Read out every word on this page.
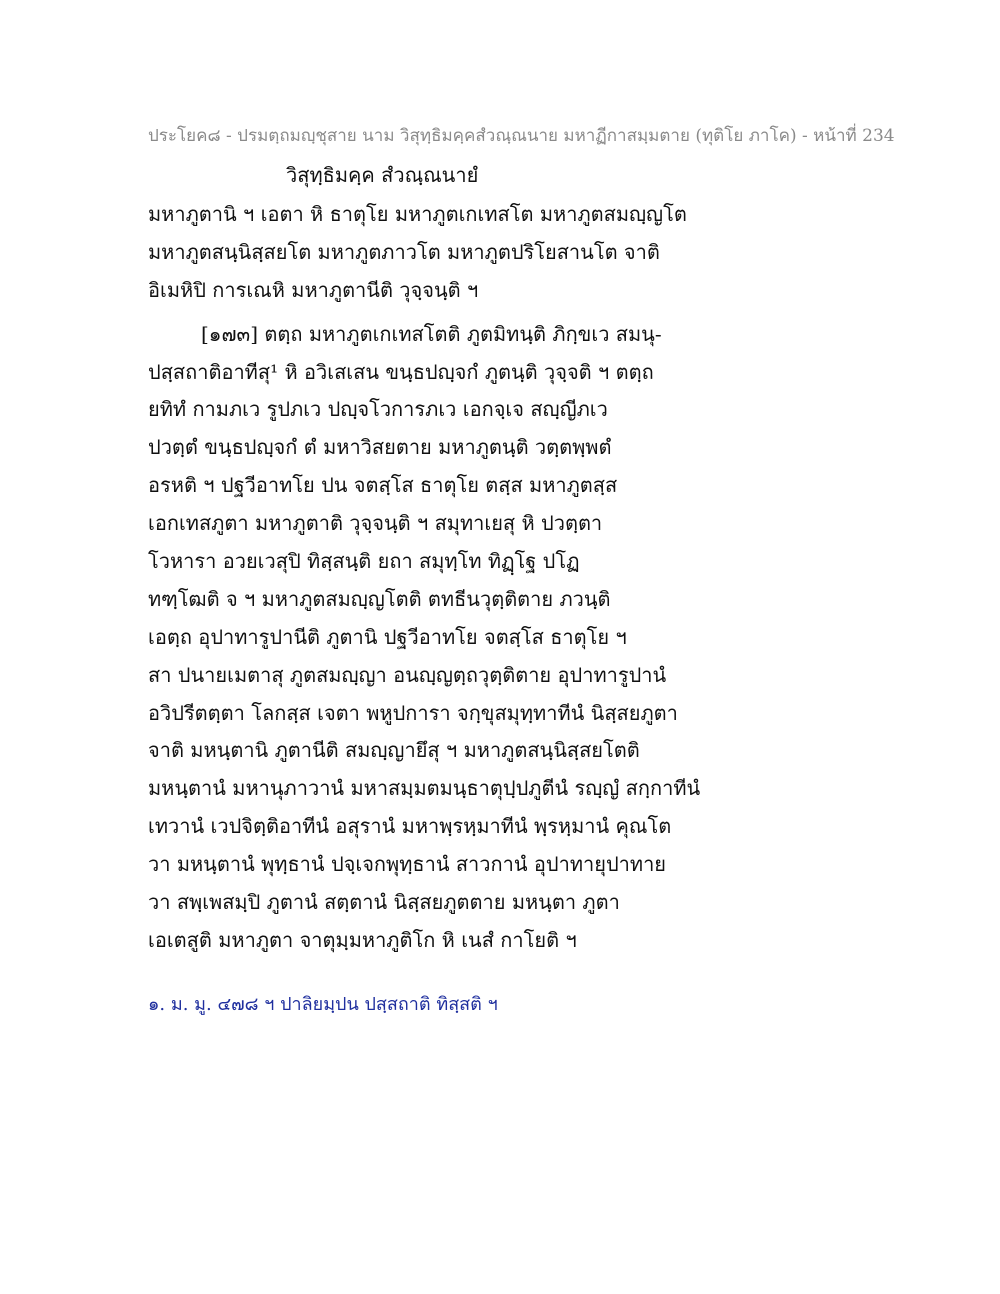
ประโยค๘ - ปรมตฺถมญฺชุสาย นาม วิสุทฺธิมคฺคสํวณฺณนาย มหาฏีกาสมฺมตาย (ทุติโย ภาโค) - หน้าที่ 234
วิสุทฺธิมคฺค สํวณฺณนายํ
มหาภูตานิ ฯ เอตา หิ ธาตุโย มหาภูตเกเทสโต มหาภูตสมญฺญโต
มหาภูตสนฺนิสฺสยโต มหาภูตภาวโต มหาภูตปริโยสานโต จาติ
อิเมหิปิ การเณหิ มหาภูตานีติ วุจฺจนฺติ ฯ
[๑๗๓] ตตฺถ มหาภูตเกเทสโตติ ภูตมิทนฺติ ภิกฺขเว สมนุ-
ปสฺสถาติอาทีสุ¹ หิ อวิเสเสน ขนฺธปญฺจกํ ภูตนฺติ วุจฺจติ ฯ ตตฺถ
ยทิทํ กามภเว รูปภเว ปญฺจโวการภเว เอกจฺเจ สญฺญีภเว
ปวตฺตํ ขนฺธปญฺจกํ ตํ มหาวิสยตาย มหาภูตนฺติ วตฺตพฺพตํ
อรหติ ฯ ปฐวีอาทโย ปน จตสฺโส ธาตุโย ตสฺส มหาภูตสฺส
เอกเทสภูตา มหาภูตาติ วุจฺจนฺติ ฯ สมุทาเยสุ หิ ปวตฺตา
โวหารา อวยเวสุปิ ทิสฺสนฺติ ยถา สมุทฺโท ทิฏฺโฐ ปโฏ
ทฑฺโฒติ จ ฯ มหาภูตสมญฺญโตติ ตทธีนวุตฺติตาย ภวนฺติ
เอตฺถ อุปาทารูปานีติ ภูตานิ ปฐวีอาทโย จตสฺโส ธาตุโย ฯ
สา ปนายเมตาสุ ภูตสมญฺญา อนญฺญตฺถวุตฺติตาย อุปาทารูปานํ
อวิปรีตตฺตา โลกสฺส เจตา พหูปการา จกฺขุสมุทฺทาทีนํ นิสฺสยภูตา
จาติ มหนฺตานิ ภูตานีติ สมญฺญายึสุ ฯ มหาภูตสนฺนิสฺสยโตติ
มหนฺตานํ มหานุภาวานํ มหาสมฺมตมนฺธาตุปฺปภูตีนํ รญฺญํ สกฺกาทีนํ
เทวานํ เวปจิตฺติอาทีนํ อสุรานํ มหาพฺรหฺมาทีนํ พฺรหฺมานํ คุณโต
วา มหนฺตานํ พุทฺธานํ ปจฺเจกพุทฺธานํ สาวกานํ อุปาทายุปาทาย
วา สพฺเพสมฺปิ ภูตานํ สตฺตานํ นิสฺสยภูตตาย มหนฺตา ภูตา
เอเตสูติ มหาภูตา จาตุมฺมหาภูติโก หิ เนสํ กาโยติ ฯ
๑. ม. มู. ๔๗๘ ฯ ปาลิยมฺปน ปสฺสถาติ ทิสฺสติ ฯ
